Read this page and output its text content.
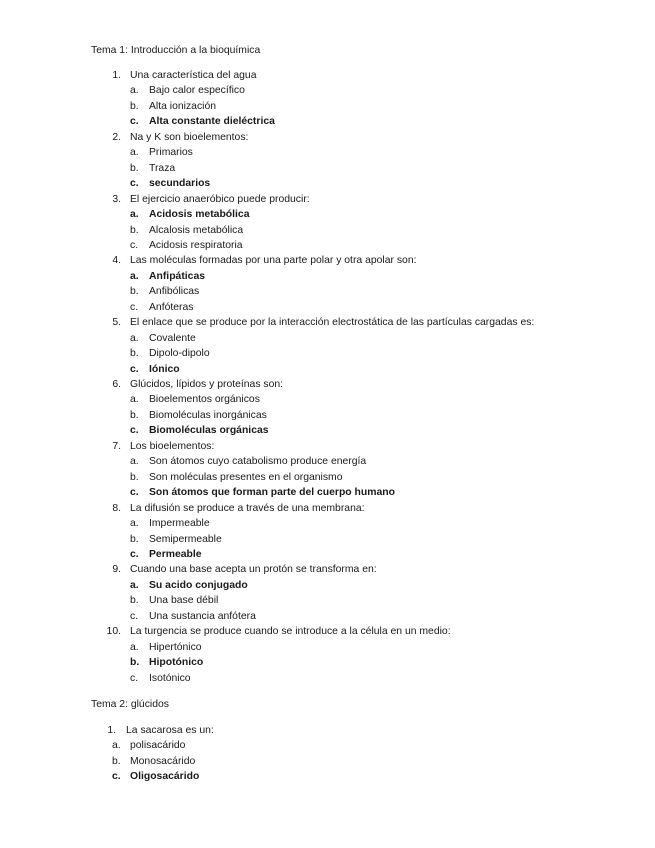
Tema 1: Introducción a la bioquímica
1. Una característica del agua
a. Bajo calor específico
b. Alta ionización
c. Alta constante dieléctrica
2. Na y K son bioelementos:
a. Primarios
b. Traza
c. secundarios
3. El ejercicio anaeróbico puede producir:
a. Acidosis metabólica
b. Alcalosis metabólica
c. Acidosis respiratoria
4. Las moléculas formadas por una parte polar y otra apolar son:
a. Anfipáticas
b. Anfibólicas
c. Anfóteras
5. El enlace que se produce por la interacción electrostática de las partículas cargadas es:
a. Covalente
b. Dipolo-dipolo
c. Iónico
6. Glúcidos, lípidos y proteínas son:
a. Bioelementos orgánicos
b. Biomoléculas inorgánicas
c. Biomoléculas orgánicas
7. Los bioelementos:
a. Son átomos cuyo catabolismo produce energía
b. Son moléculas presentes en el organismo
c. Son átomos que forman parte del cuerpo humano
8. La difusión se produce a través de una membrana:
a. Impermeable
b. Semipermeable
c. Permeable
9. Cuando una base acepta un protón se transforma en:
a. Su acido conjugado
b. Una base débil
c. Una sustancia anfótera
10. La turgencia se produce cuando se introduce a la célula en un medio:
a. Hipertónico
b. Hipotónico
c. Isotónico
Tema 2: glúcidos
1. La sacarosa es un:
a. polisacárido
b. Monosacárido
c. Oligosacárido
